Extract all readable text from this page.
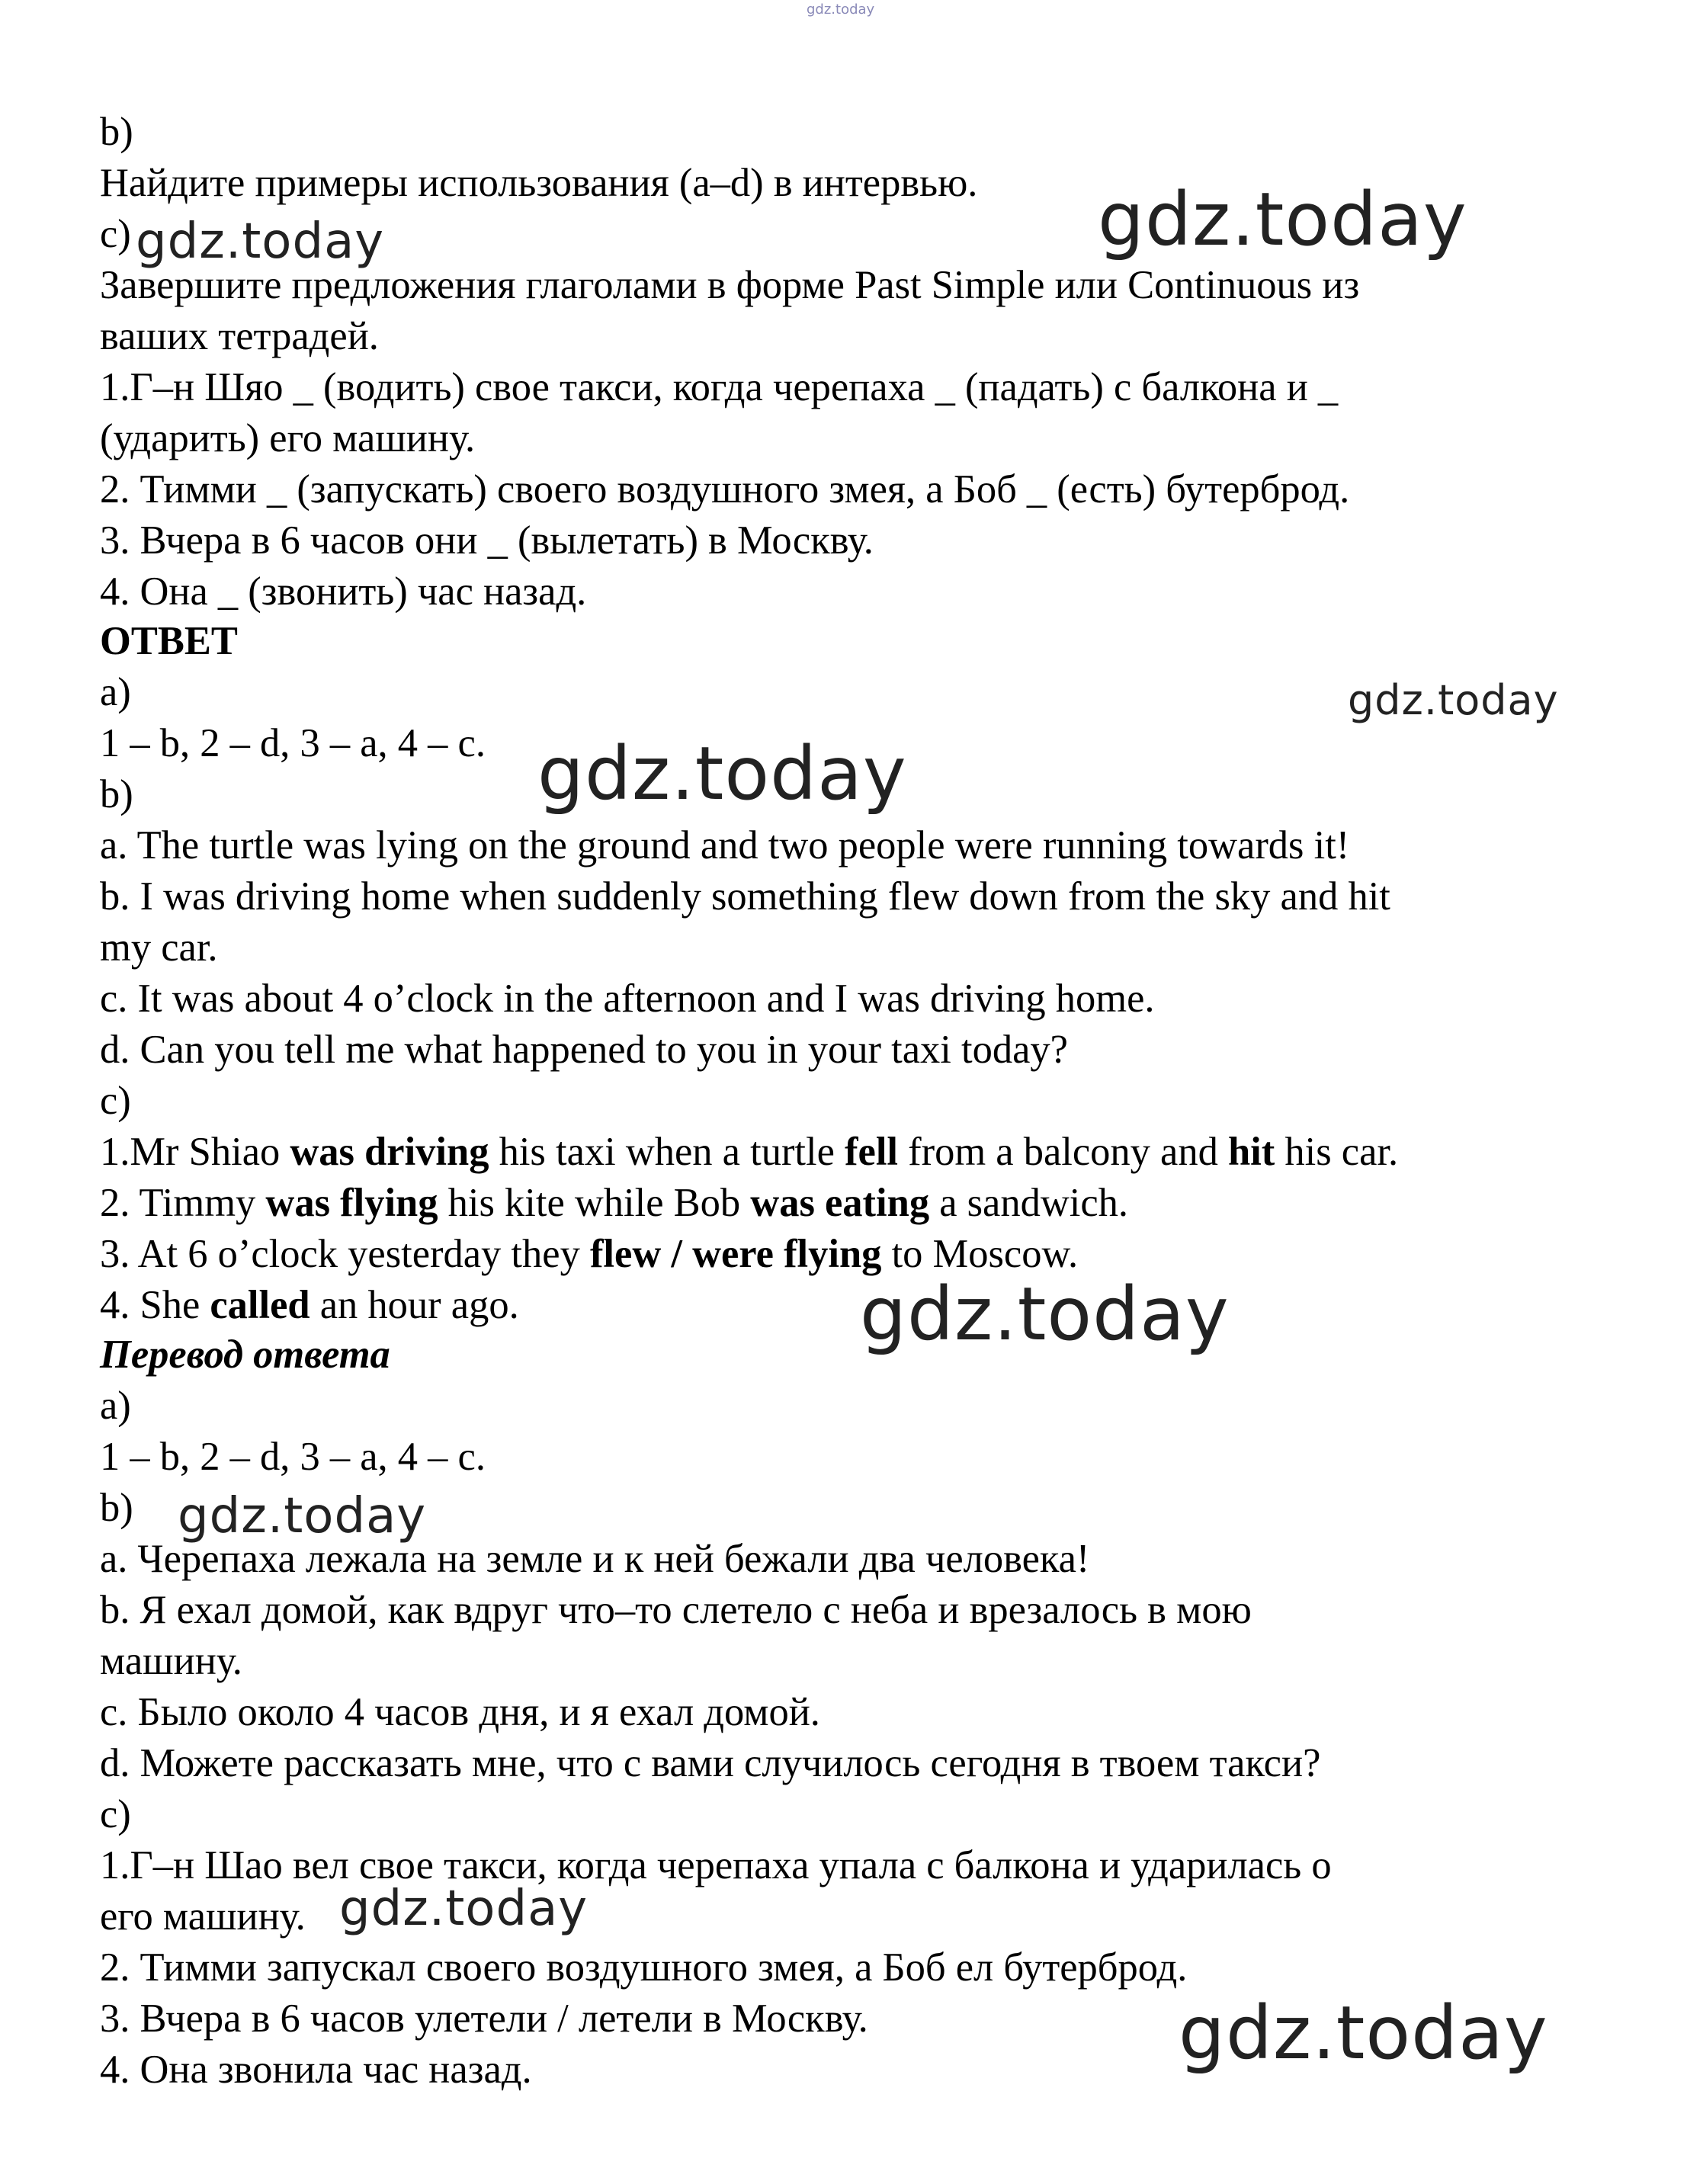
gdz.today

b)

Найдите примеры использования (a–d) в интервью.

c)

Завершите предложения глаголами в форме Past Simple или Continuous из

ваших тетрадей.

1.Г–н Шяо _ (водить) свое такси, когда черепаха _ (падать) с балкона и _

(ударить) его машину.

2. Тимми _ (запускать) своего воздушного змея, а Боб _ (есть) бутерброд.

3. Вчера в 6 часов они _ (вылетать) в Москву.

4. Она _ (звонить) час назад.

ОТВЕТ

a)

1 – b, 2 – d, 3 – a, 4 – c.

b)

a. The turtle was lying on the ground and two people were running towards it!

b. I was driving home when suddenly something flew down from the sky and hit

my car.

c. It was about 4 o’clock in the afternoon and I was driving home.

d. Can you tell me what happened to you in your taxi today?

c)

1.Mr Shiao was driving his taxi when a turtle fell from a balcony and hit his car.

2. Timmy was flying his kite while Bob was eating a sandwich.

3. At 6 o’clock yesterday they flew / were flying to Moscow.

4. She called an hour ago.

Перевод ответа

a)

1 – b, 2 – d, 3 – a, 4 – c.

b)

a. Черепаха лежала на земле и к ней бежали два человека!

b. Я ехал домой, как вдруг что–то слетело с неба и врезалось в мою

машину.

c. Было около 4 часов дня, и я ехал домой.

d. Можете рассказать мне, что с вами случилось сегодня в твоем такси?

c)

1.Г–н Шао вел свое такси, когда черепаха упала с балкона и ударилась о

его машину.

2. Тимми запускал своего воздушного змея, а Боб ел бутерброд.

3. Вчера в 6 часов улетели / летели в Москву.

4. Она звонила час назад.

gdz.today
gdz.today
gdz.today
gdz.today
gdz.today
gdz.today
gdz.today
gdz.today
